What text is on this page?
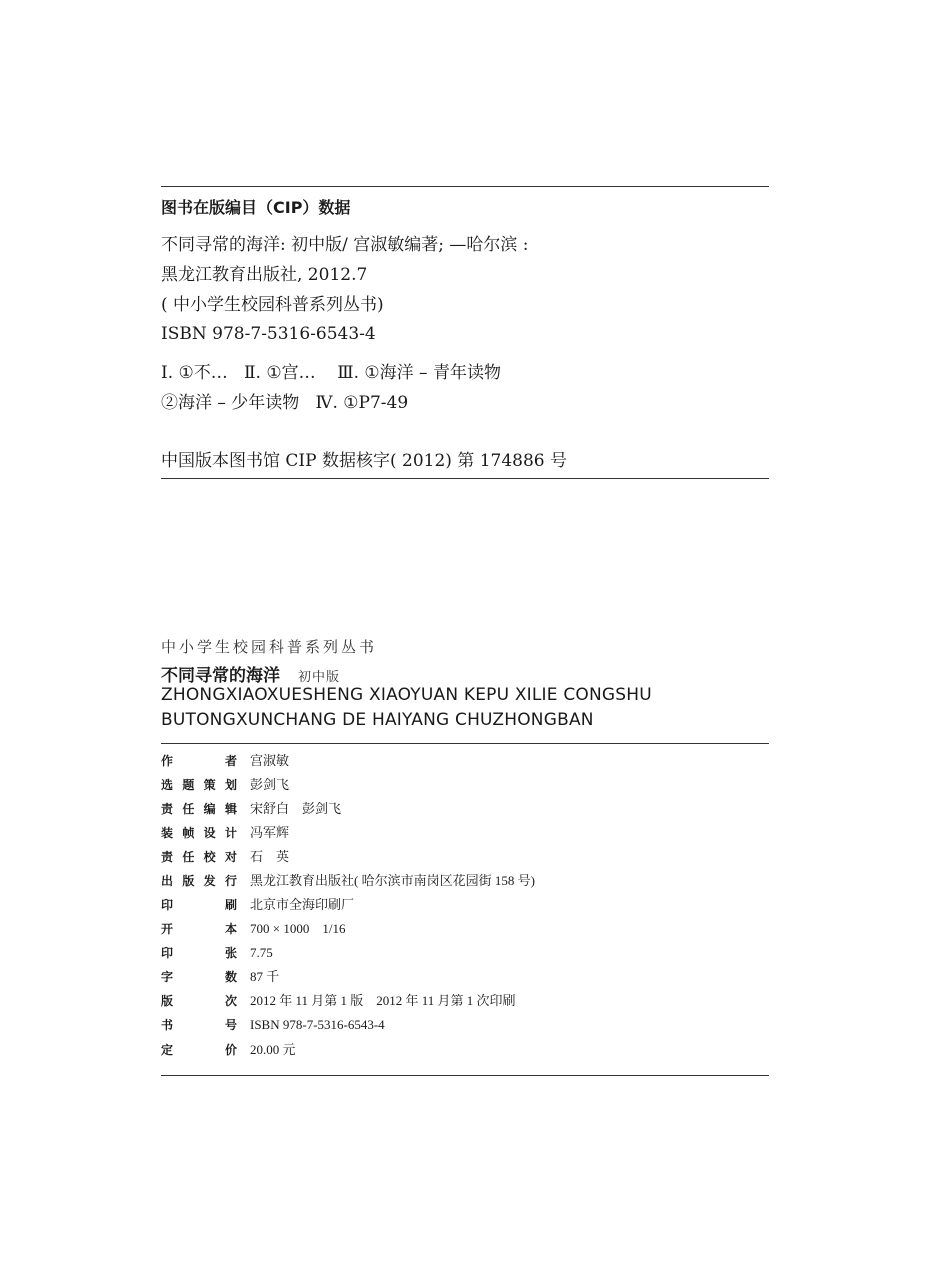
图书在版编目（CIP）数据
不同寻常的海洋: 初中版/ 宫淑敏编著; —哈尔滨 :
黑龙江教育出版社, 2012.7
( 中小学生校园科普系列丛书)
ISBN 978-7-5316-6543-4
Ⅰ. ①不…   Ⅱ. ①宫…    Ⅲ. ①海洋 – 青年读物
②海洋 – 少年读物   Ⅳ. ①P7-49
中国版本图书馆 CIP 数据核字( 2012) 第 174886 号
中小学生校园科普系列丛书
不同寻常的海洋 初中版
ZHONGXIAOXUESHENG XIAOYUAN KEPU XILIE CONGSHU
BUTONGXUNCHANG DE HAIYANG CHUZHONGBAN
作者 宫淑敏
选题策划 彭剑飞
责任编辑 宋舒白　彭剑飞
装帧设计 冯军辉
责任校对 石　英
出版发行 黑龙江教育出版社( 哈尔滨市南岗区花园街 158 号)
印刷 北京市全海印刷厂
开本 700 × 1000　1/16
印张 7.75
字数 87 千
版次 2012 年 11 月第 1 版　2012 年 11 月第 1 次印刷
书号 ISBN 978-7-5316-6543-4
定价 20.00 元
